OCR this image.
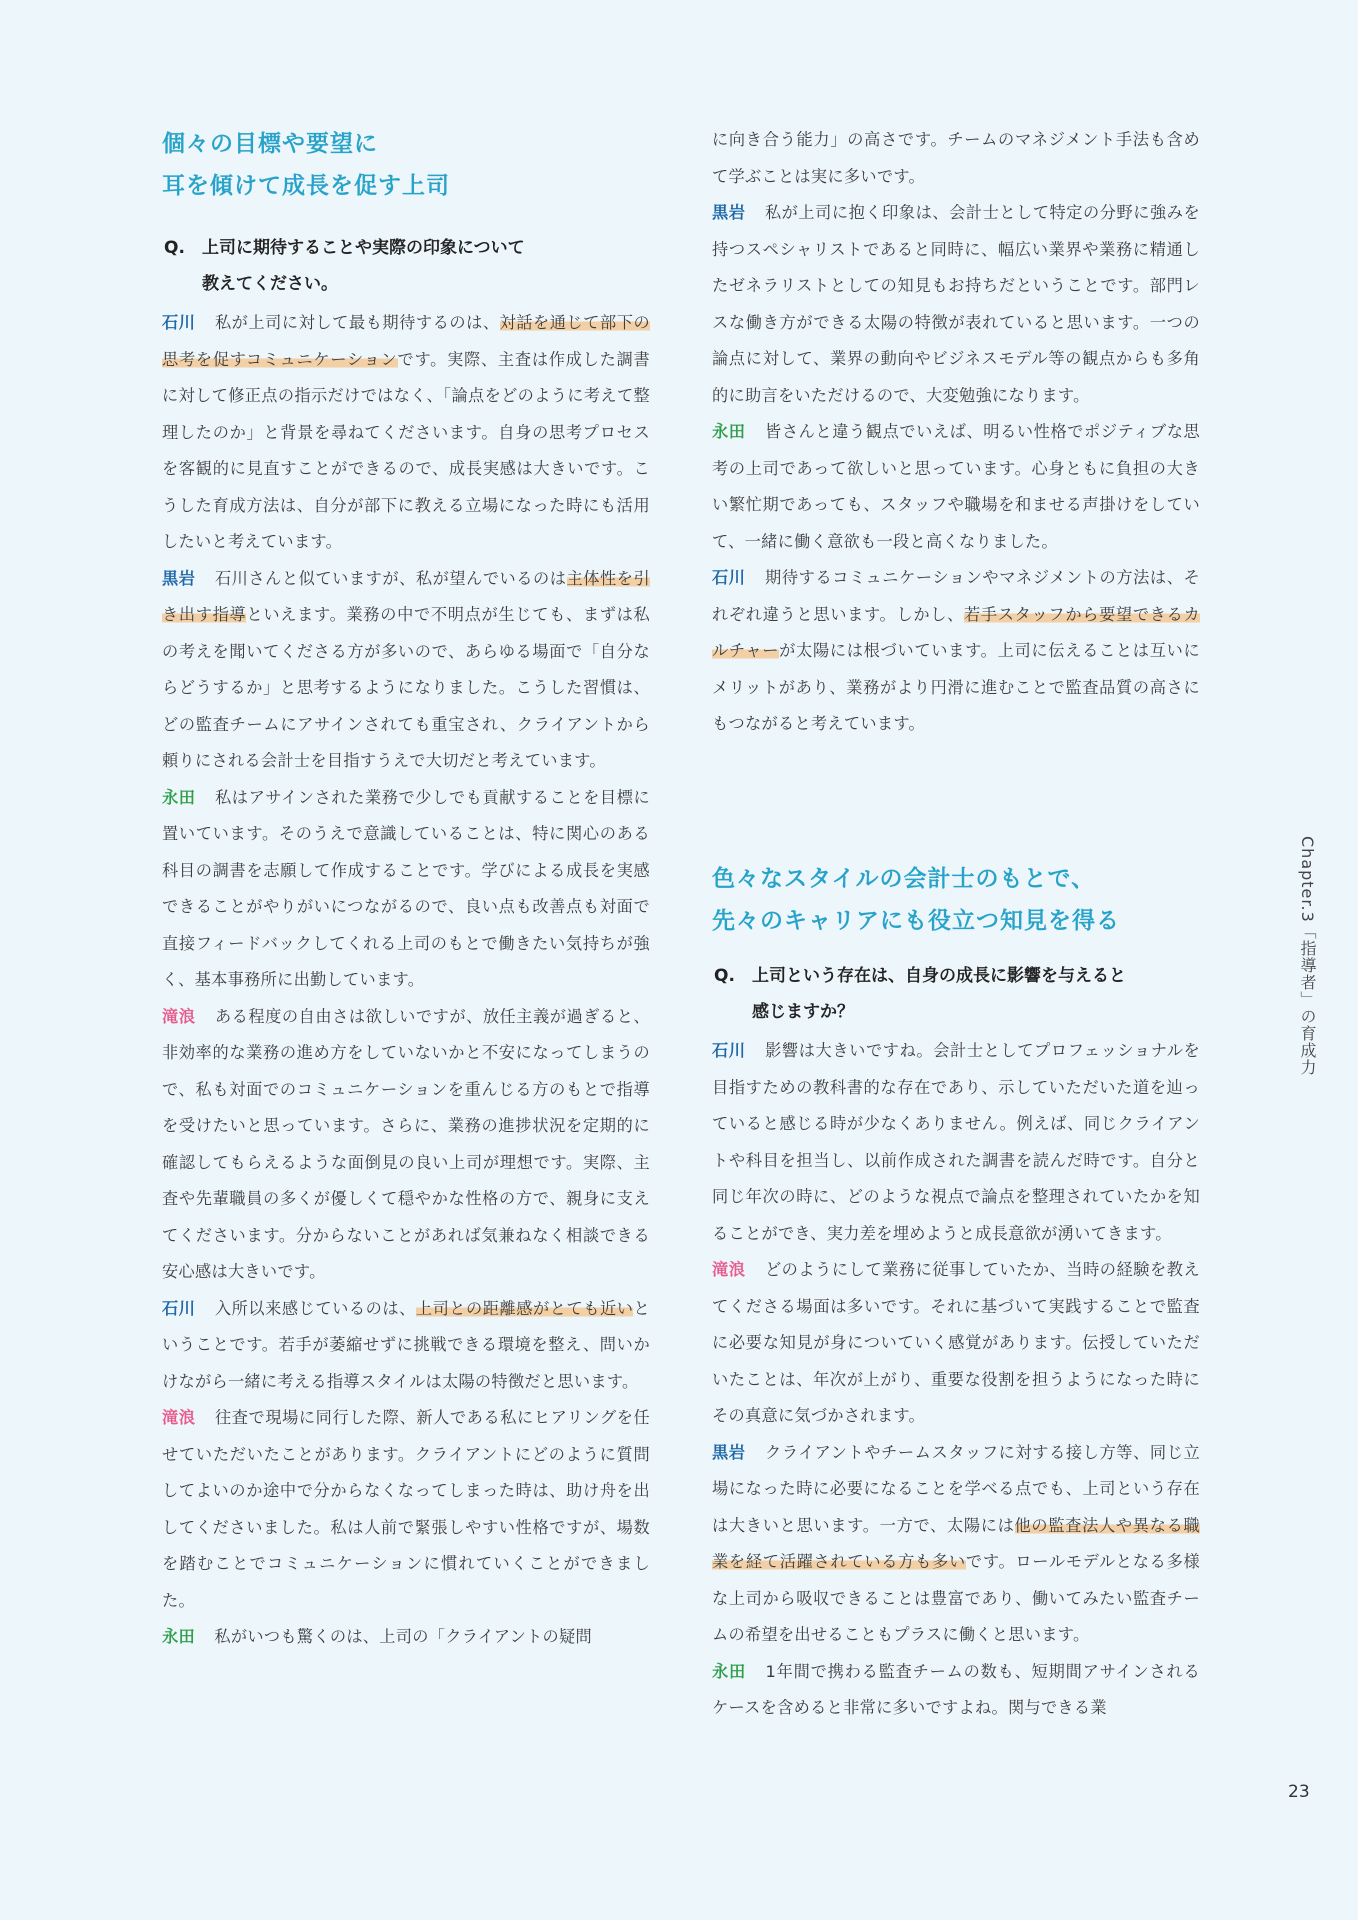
個々の目標や要望に
耳を傾けて成長を促す上司
Q.	上司に期待することや実際の印象について
教えてください。

石川 私が上司に対して最も期待するのは、対話を通じて部下の思考を促すコミュニケーションです。実際、主査は作成した調書に対して修正点の指示だけではなく、「論点をどのように考えて整理したのか」と背景を尋ねてくださいます。自身の思考プロセスを客観的に見直すことができるので、成長実感は大きいです。こうした育成方法は、自分が部下に教える立場になった時にも活用したいと考えています。

黒岩 石川さんと似ていますが、私が望んでいるのは主体性を引き出す指導といえます。業務の中で不明点が生じても、まずは私の考えを聞いてくださる方が多いので、あらゆる場面で「自分ならどうするか」と思考するようになりました。こうした習慣は、どの監査チームにアサインされても重宝され、クライアントから頼りにされる会計士を目指すうえで大切だと考えています。

永田 私はアサインされた業務で少しでも貢献することを目標に置いています。そのうえで意識していることは、特に関心のある科目の調書を志願して作成することです。学びによる成長を実感できることがやりがいにつながるので、良い点も改善点も対面で直接フィードバックしてくれる上司のもとで働きたい気持ちが強く、基本事務所に出勤しています。

滝浪 ある程度の自由さは欲しいですが、放任主義が過ぎると、非効率的な業務の進め方をしていないかと不安になってしまうので、私も対面でのコミュニケーションを重んじる方のもとで指導を受けたいと思っています。さらに、業務の進捗状況を定期的に確認してもらえるような面倒見の良い上司が理想です。実際、主査や先輩職員の多くが優しくて穏やかな性格の方で、親身に支えてくださいます。分からないことがあれば気兼ねなく相談できる安心感は大きいです。

石川 入所以来感じているのは、上司との距離感がとても近いということです。若手が萎縮せずに挑戦できる環境を整え、問いかけながら一緒に考える指導スタイルは太陽の特徴だと思います。

滝浪 往査で現場に同行した際、新人である私にヒアリングを任せていただいたことがあります。クライアントにどのように質問してよいのか途中で分からなくなってしまった時は、助け舟を出してくださいました。私は人前で緊張しやすい性格ですが、場数を踏むことでコミュニケーションに慣れていくことができました。

永田 私がいつも驚くのは、上司の「クライアントの疑問

に向き合う能力」の高さです。チームのマネジメント手法も含めて学ぶことは実に多いです。

黒岩 私が上司に抱く印象は、会計士として特定の分野に強みを持つスペシャリストであると同時に、幅広い業界や業務に精通したゼネラリストとしての知見もお持ちだということです。部門レスな働き方ができる太陽の特徴が表れていると思います。一つの論点に対して、業界の動向やビジネスモデル等の観点からも多角的に助言をいただけるので、大変勉強になります。

永田 皆さんと違う観点でいえば、明るい性格でポジティブな思考の上司であって欲しいと思っています。心身ともに負担の大きい繁忙期であっても、スタッフや職場を和ませる声掛けをしていて、一緒に働く意欲も一段と高くなりました。

石川 期待するコミュニケーションやマネジメントの方法は、それぞれ違うと思います。しかし、若手スタッフから要望できるカルチャーが太陽には根づいています。上司に伝えることは互いにメリットがあり、業務がより円滑に進むことで監査品質の高さにもつながると考えています。

色々なスタイルの会計士のもとで、
先々のキャリアにも役立つ知見を得る
Q.	上司という存在は、自身の成長に影響を与えると
感じますか？

石川 影響は大きいですね。会計士としてプロフェッショナルを目指すための教科書的な存在であり、示していただいた道を辿っていると感じる時が少なくありません。例えば、同じクライアントや科目を担当し、以前作成された調書を読んだ時です。自分と同じ年次の時に、どのような視点で論点を整理されていたかを知ることができ、実力差を埋めようと成長意欲が湧いてきます。

滝浪 どのようにして業務に従事していたか、当時の経験を教えてくださる場面は多いです。それに基づいて実践することで監査に必要な知見が身についていく感覚があります。伝授していただいたことは、年次が上がり、重要な役割を担うようになった時にその真意に気づかされます。

黒岩 クライアントやチームスタッフに対する接し方等、同じ立場になった時に必要になることを学べる点でも、上司という存在は大きいと思います。一方で、太陽には他の監査法人や異なる職業を経て活躍されている方も多いです。ロールモデルとなる多様な上司から吸収できることは豊富であり、働いてみたい監査チームの希望を出せることもプラスに働くと思います。

永田 1年間で携わる監査チームの数も、短期間アサインされるケースを含めると非常に多いですよね。関与できる業

Chapter.3「指導者」の育成力
23
